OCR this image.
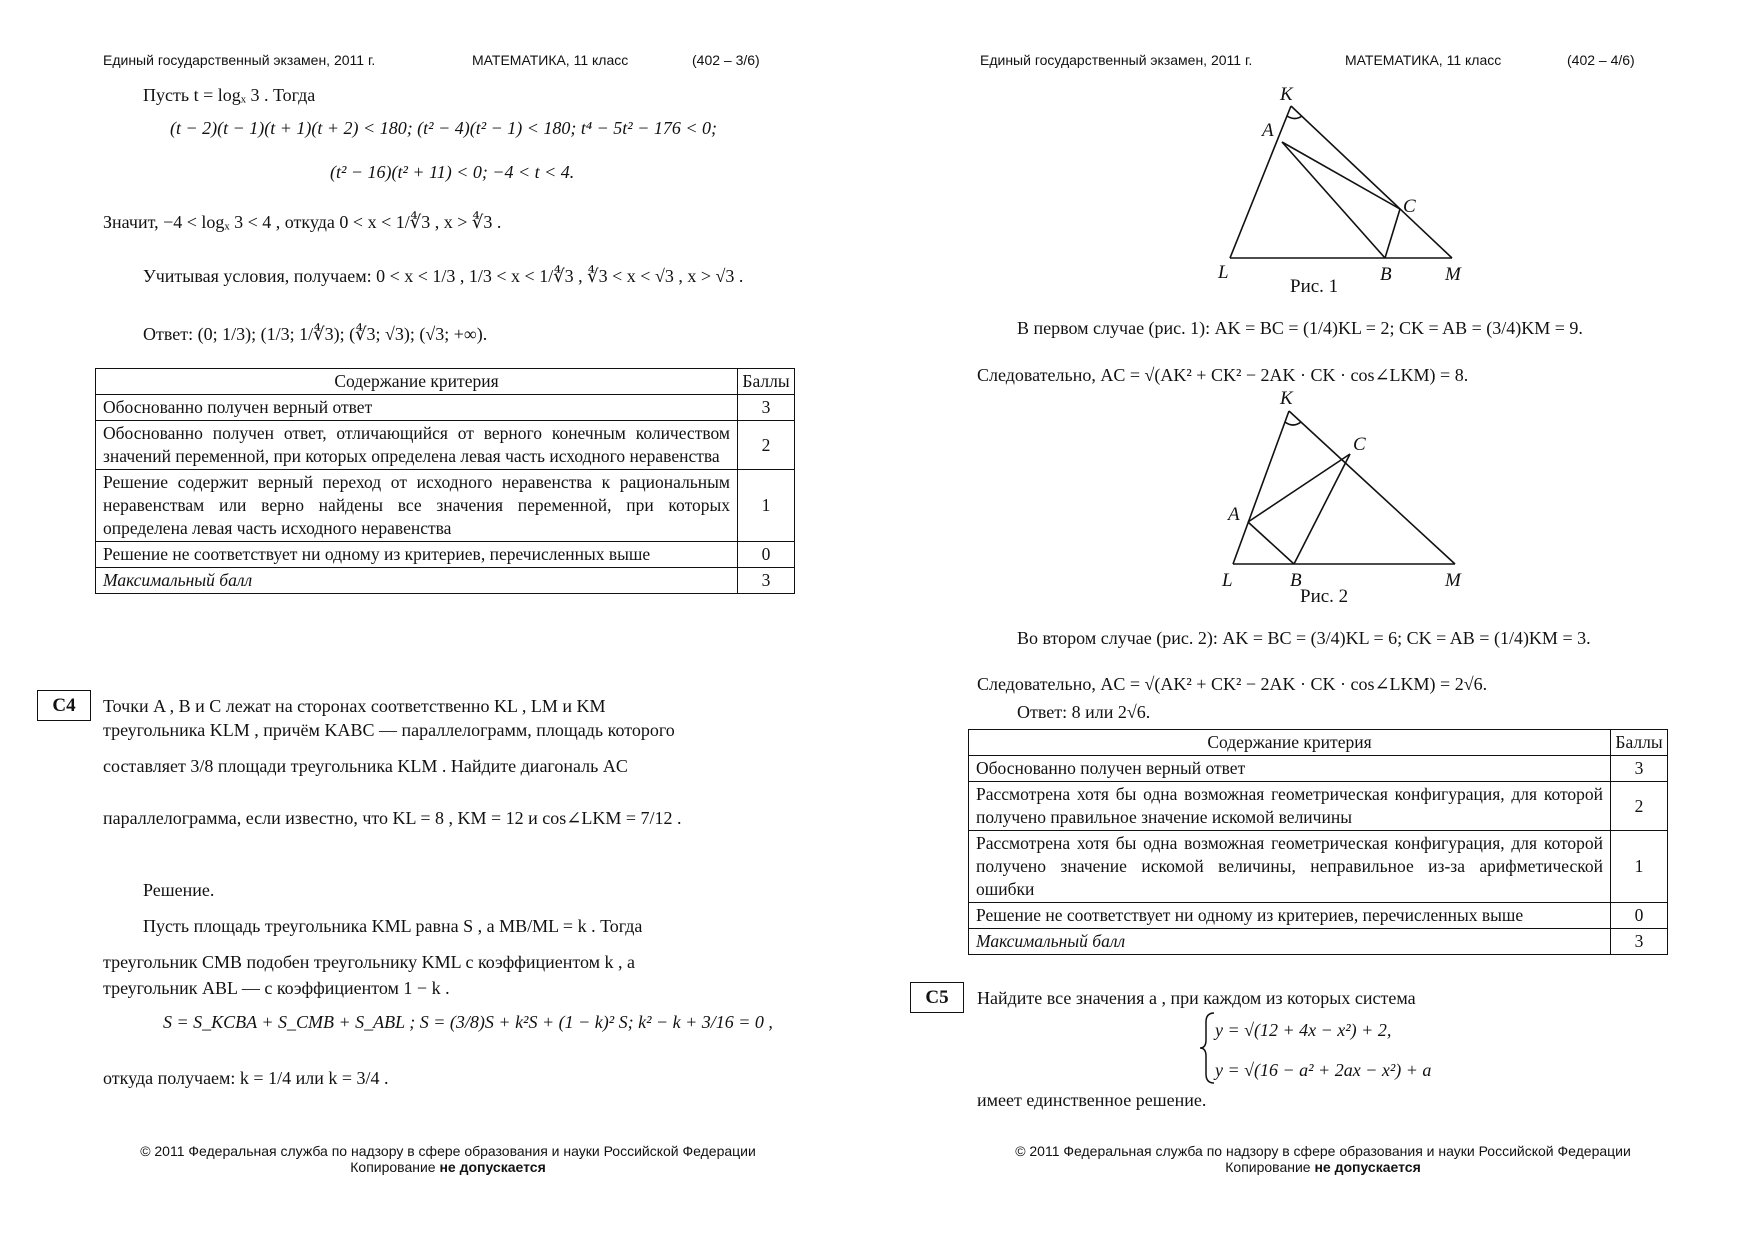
Единый государственный экзамен, 2011 г.	МАТЕМАТИКА, 11 класс	(402 – 3/6)
Пусть t = logₓ 3 . Тогда
(t − 2)(t − 1)(t + 1)(t + 2) < 180; (t² − 4)(t² − 1) < 180; t⁴ − 5t² − 176 < 0;
(t² − 16)(t² + 11) < 0; −4 < t < 4.
Значит, −4 < logₓ 3 < 4 , откуда 0 < x < 1/∜3 , x > ∜3 .
Учитывая условия, получаем: 0 < x < 1/3 , 1/3 < x < 1/∜3 , ∜3 < x < √3 , x > √3 .
Ответ: (0; 1/3); (1/3; 1/∜3); (∜3; √3); (√3; +∞).
Содержание критерия	Баллы
Обоснованно получен верный ответ	3
Обоснованно получен ответ, отличающийся от верного конечным количеством значений переменной, при которых определена левая часть исходного неравенства	2
Решение содержит верный переход от исходного неравенства к рациональным неравенствам или верно найдены все значения переменной, при которых определена левая часть исходного неравенства	1
Решение не соответствует ни одному из критериев, перечисленных выше	0
Максимальный балл	3
C4	Точки A , B и C лежат на сторонах соответственно KL , LM и KM
треугольника KLM , причём KABC — параллелограмм, площадь которого
составляет 3/8 площади треугольника KLM . Найдите диагональ AC
параллелограмма, если известно, что KL = 8 , KM = 12 и cos∠LKM = 7/12 .
Решение.
Пусть площадь треугольника KML равна S , а MB/ML = k . Тогда
треугольник CMB подобен треугольнику KML с коэффициентом k , а
треугольник ABL — с коэффициентом 1 − k .
S = S_KCBA + S_CMB + S_ABL ; S = (3/8)S + k²S + (1 − k)² S; k² − k + 3/16 = 0 ,
откуда получаем: k = 1/4 или k = 3/4 .
© 2011 Федеральная служба по надзору в сфере образования и науки Российской Федерации
Копирование не допускается
Единый государственный экзамен, 2011 г.	МАТЕМАТИКА, 11 класс	(402 – 4/6)
K
A
C
L	B	M
Рис. 1
В первом случае (рис. 1): AK = BC = (1/4)KL = 2; CK = AB = (3/4)KM = 9.
Следовательно, AC = √(AK² + CK² − 2AK · CK · cos∠LKM) = 8.
K
A
C
L	B	M
Рис. 2
Во втором случае (рис. 2): AK = BC = (3/4)KL = 6; CK = AB = (1/4)KM = 3.
Следовательно, AC = √(AK² + CK² − 2AK · CK · cos∠LKM) = 2√6.
Ответ: 8 или 2√6.
Содержание критерия	Баллы
Обоснованно получен верный ответ	3
Рассмотрена хотя бы одна возможная геометрическая конфигурация, для которой получено правильное значение искомой величины	2
Рассмотрена хотя бы одна возможная геометрическая конфигурация, для которой получено значение искомой величины, неправильное из-за арифметической ошибки	1
Решение не соответствует ни одному из критериев, перечисленных выше	0
Максимальный балл	3
C5	Найдите все значения a , при каждом из которых система
y = √(12 + 4x − x²) + 2,
y = √(16 − a² + 2ax − x²) + a
имеет единственное решение.
© 2011 Федеральная служба по надзору в сфере образования и науки Российской Федерации
Копирование не допускается
